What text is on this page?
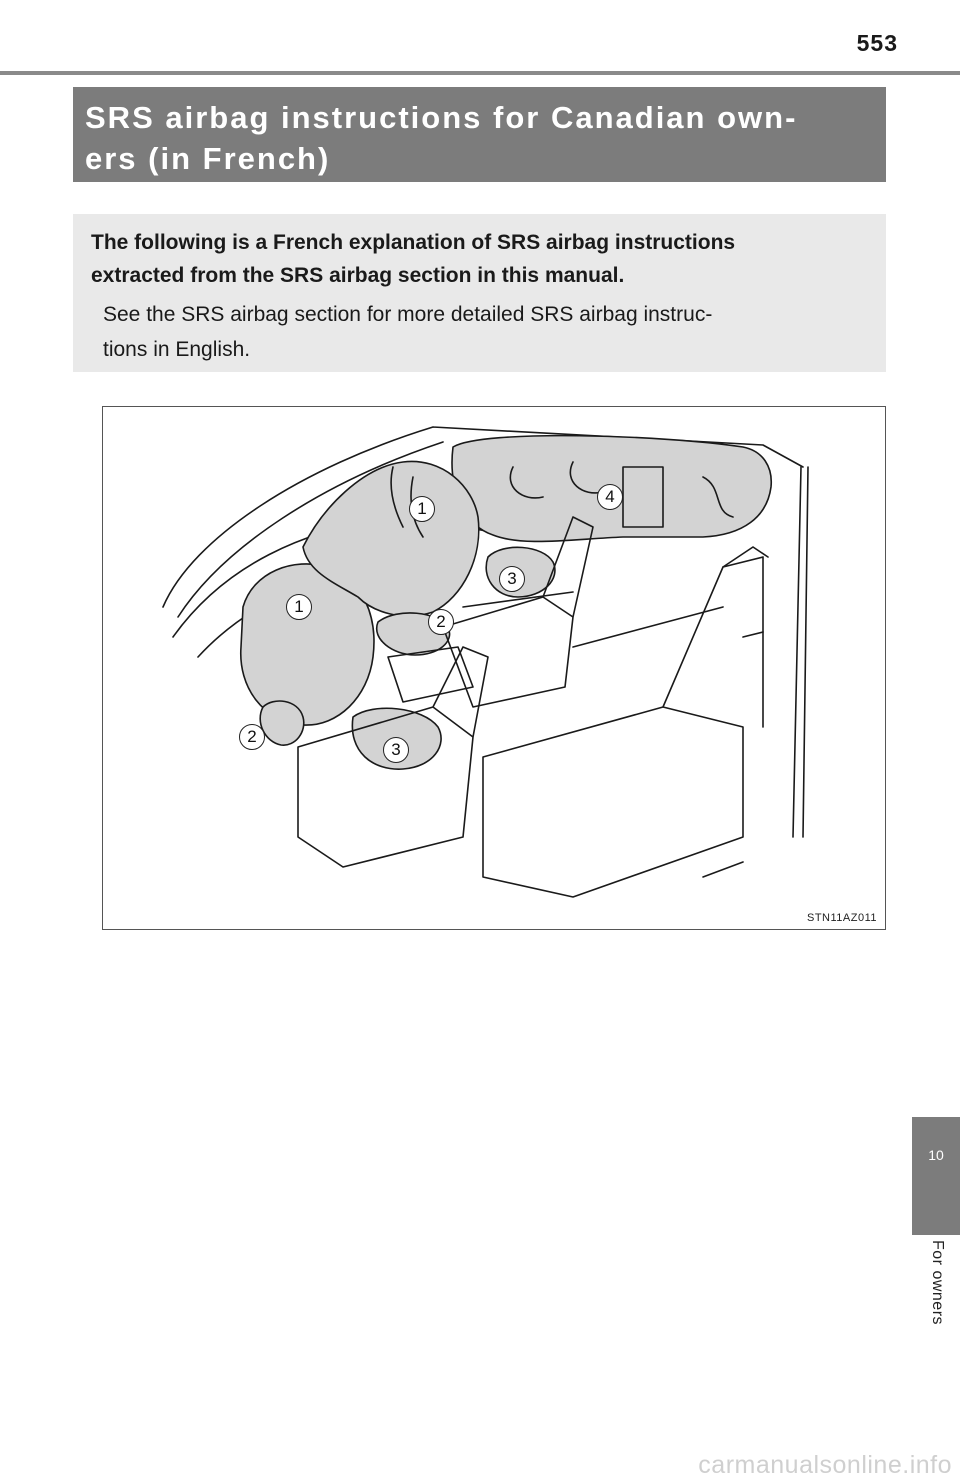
553
SRS airbag instructions for Canadian own-
ers (in French)

The following is a French explanation of SRS airbag instructions

extracted from the SRS airbag section in this manual.

See the SRS airbag section for more detailed SRS airbag instruc-

tions in English.

1
1
2
2
3
3
4
STN11AZ011
10
For owners
carmanualsonline.info
